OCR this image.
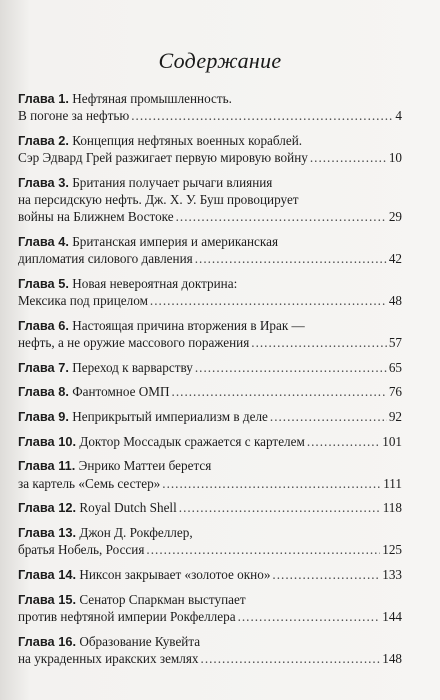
Содержание
Глава 1. Нефтяная промышленность.
В погоне за нефтью .....	4
Глава 2. Концепция нефтяных военных кораблей.
Сэр Эдвард Грей разжигает первую мировую войну .....	10
Глава 3. Британия получает рычаги влияния
на персидскую нефть. Дж. Х. У. Буш провоцирует
войны на Ближнем Востоке .....	29
Глава 4. Британская империя и американская
дипломатия силового давления .....	42
Глава 5. Новая невероятная доктрина:
Мексика под прицелом .....	48
Глава 6. Настоящая причина вторжения в Ирак —
нефть, а не оружие массового поражения .....	57
Глава 7. Переход к варварству .....	65
Глава 8. Фантомное ОМП .....	76
Глава 9. Неприкрытый империализм в деле .....	92
Глава 10. Доктор Моссадык сражается с картелем .....	101
Глава 11. Энрико Маттеи берется
за картель «Семь сестер» .....	111
Глава 12. Royal Dutch Shell .....	118
Глава 13. Джон Д. Рокфеллер,
братья Нобель, Россия .....	125
Глава 14. Никсон закрывает «золотое окно» .....	133
Глава 15. Сенатор Спаркман выступает
против нефтяной империи Рокфеллера .....	144
Глава 16. Образование Кувейта
на украденных иракских землях .....	148
